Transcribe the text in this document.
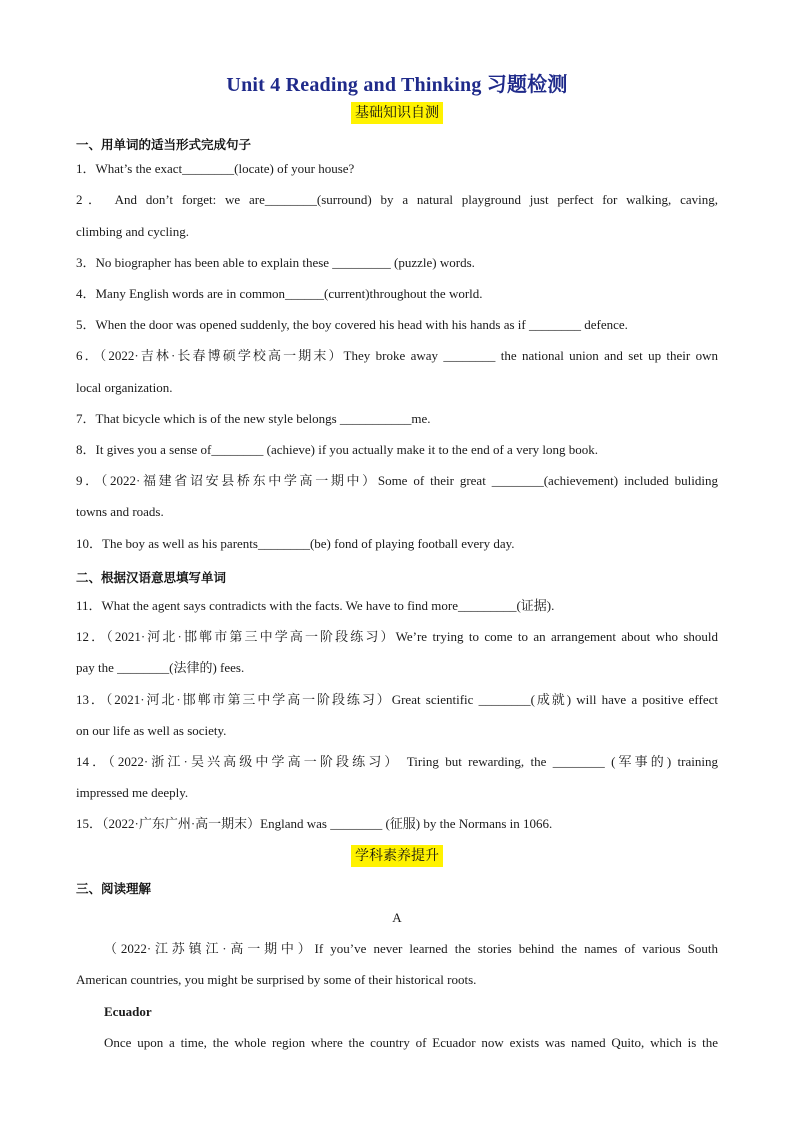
Unit 4 Reading and Thinking 习题检测
基础知识自测
一、用单词的适当形式完成句子
1．What’s the exact________(locate) of your house?
2． And don’t forget: we are________(surround) by a natural playground just perfect for walking, caving,
climbing and cycling.
3．No biographer has been able to explain these _________ (puzzle) words.
4．Many English words are in common______(current)throughout the world.
5．When the door was opened suddenly, the boy covered his head with his hands as if ________ defence.
6．（2022·吉林·长春博硕学校高一期末）They broke away ________ the national union and set up their own
local organization.
7．That bicycle which is of the new style belongs ___________me.
8．It gives you a sense of________ (achieve) if you actually make it to the end of a very long book.
9．（2022·福建省诏安县桥东中学高一期中）Some of their great ________(achievement) included buliding
towns and roads.
10．The boy as well as his parents________(be) fond of playing football every day.
二、根据汉语意思填写单词
11．What the agent says contradicts with the facts. We have to find more_________(证据).
12．（2021·河北·邯郸市第三中学高一阶段练习）We’re trying to come to an arrangement about who should
pay the ________(法律的) fees.
13．（2021·河北·邯郸市第三中学高一阶段练习）Great scientific ________(成就) will have a positive effect
on our life as well as society.
14．（2022·浙江·吴兴高级中学高一阶段练习） Tiring but rewarding, the ________ (军事的) training
impressed me deeply.
15．（2022·广东广州·高一期末）England was ________ (征服) by the Normans in 1066.
学科素养提升
三、阅读理解
A
（2022·江苏镇江·高一期中）If you’ve never learned the stories behind the names of various South
American countries, you might be surprised by some of their historical roots.
Ecuador
Once upon a time, the whole region where the country of Ecuador now exists was named Quito, which is the
